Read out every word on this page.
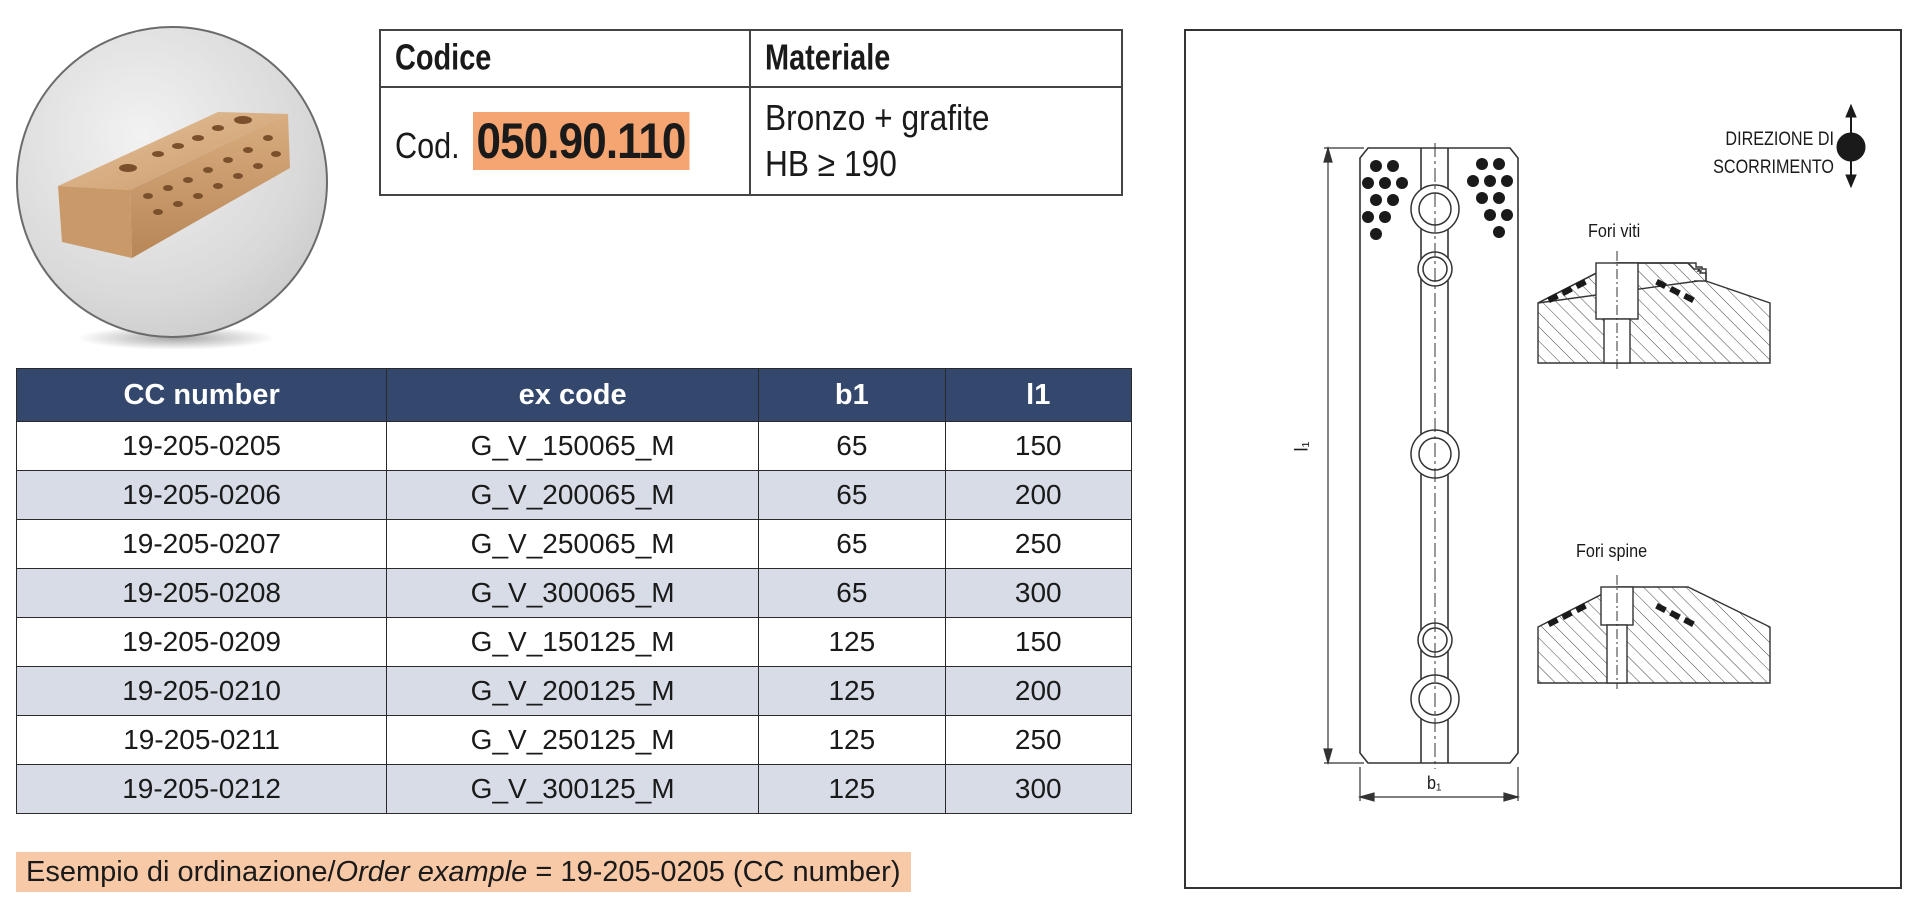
Codice	Materiale
Cod. 050.90.110	Bronzo + grafite
HB ≥ 190
CC number	ex code	b1	l1
19-205-0205	G_V_150065_M	65	150
19-205-0206	G_V_200065_M	65	200
19-205-0207	G_V_250065_M	65	250
19-205-0208	G_V_300065_M	65	300
19-205-0209	G_V_150125_M	125	150
19-205-0210	G_V_200125_M	125	200
19-205-0211	G_V_250125_M	125	250
19-205-0212	G_V_300125_M	125	300
Esempio di ordinazione/Order example = 19-205-0205 (CC number)
DIREZIONE DI
SCORRIMENTO
Fori viti
Fori spine
l₁
b₁
